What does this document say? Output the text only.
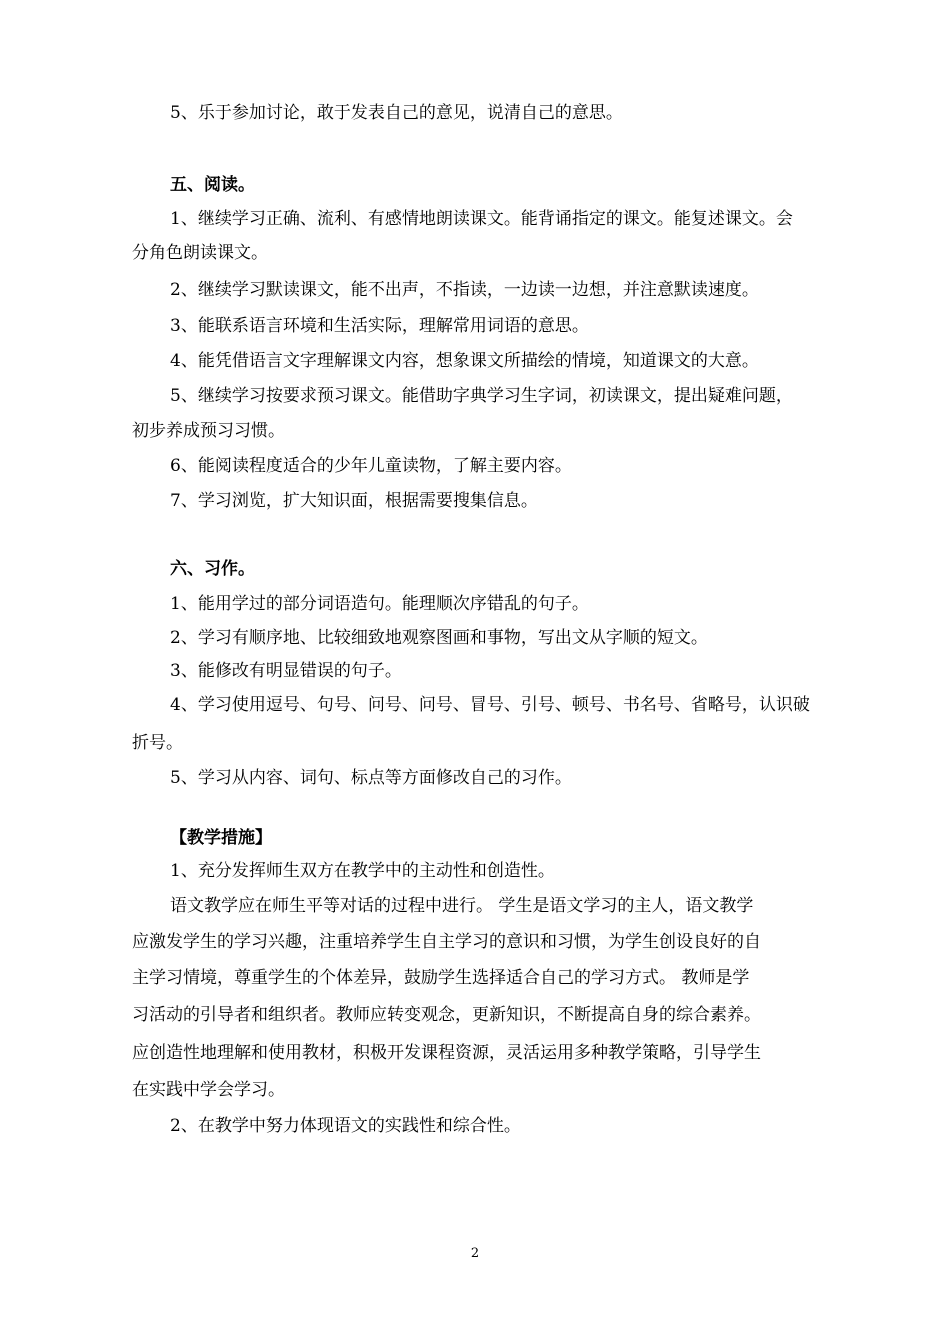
5、乐于参加讨论，敢于发表自己的意见，说清自己的意思。
五、阅读。
1、继续学习正确、流利、有感情地朗读课文。能背诵指定的课文。能复述课文。会
分角色朗读课文。
2、继续学习默读课文，能不出声，不指读，一边读一边想，并注意默读速度。
3、能联系语言环境和生活实际，理解常用词语的意思。
4、能凭借语言文字理解课文内容，想象课文所描绘的情境，知道课文的大意。
5、继续学习按要求预习课文。能借助字典学习生字词，初读课文，提出疑难问题，
初步养成预习习惯。
6、能阅读程度适合的少年儿童读物，了解主要内容。
7、学习浏览，扩大知识面，根据需要搜集信息。
六、习作。
1、能用学过的部分词语造句。能理顺次序错乱的句子。
2、学习有顺序地、比较细致地观察图画和事物，写出文从字顺的短文。
3、能修改有明显错误的句子。
4、学习使用逗号、句号、问号、问号、冒号、引号、顿号、书名号、省略号，认识破
折号。
5、学习从内容、词句、标点等方面修改自己的习作。
【教学措施】
1、充分发挥师生双方在教学中的主动性和创造性。
语文教学应在师生平等对话的过程中进行。 学生是语文学习的主人，语文教学
应激发学生的学习兴趣，注重培养学生自主学习的意识和习惯，为学生创设良好的自
主学习情境，尊重学生的个体差异，鼓励学生选择适合自己的学习方式。 教师是学
习活动的引导者和组织者。教师应转变观念，更新知识，不断提高自身的综合素养。
应创造性地理解和使用教材，积极开发课程资源，灵活运用多种教学策略，引导学生
在实践中学会学习。
2、在教学中努力体现语文的实践性和综合性。
2
